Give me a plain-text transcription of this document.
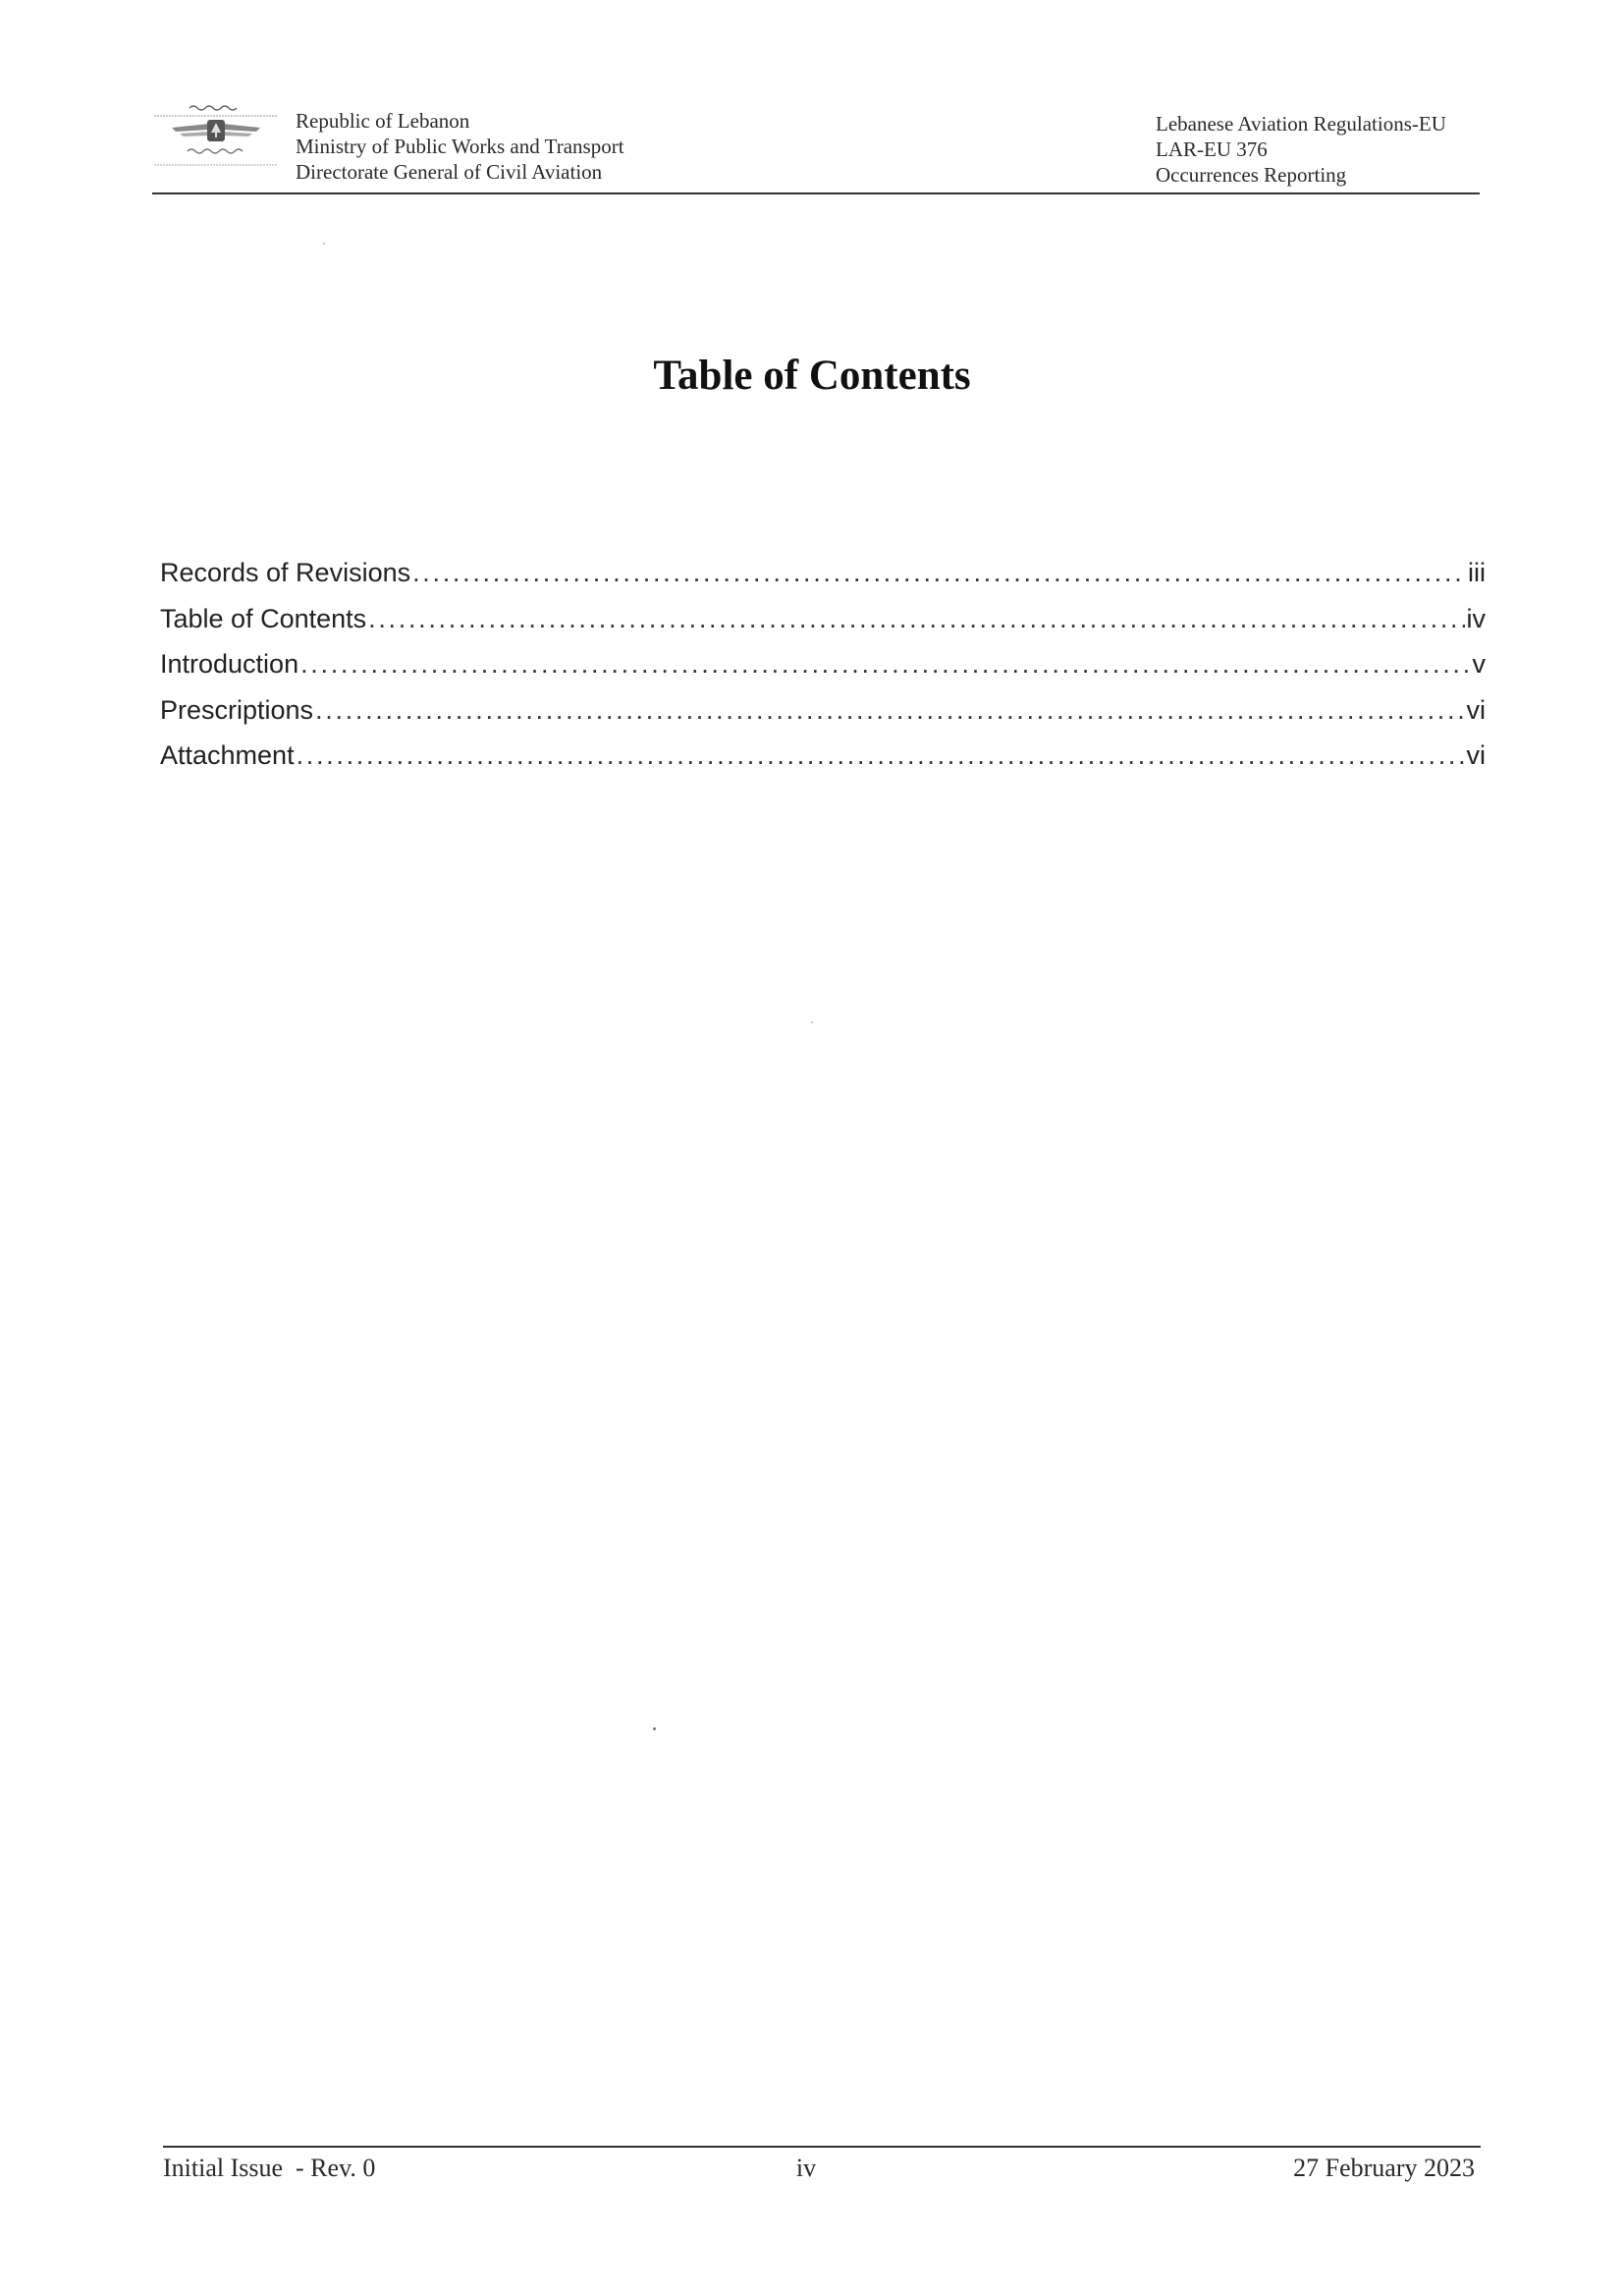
Republic of Lebanon
Ministry of Public Works and Transport
Directorate General of Civil Aviation
Lebanese Aviation Regulations-EU
LAR-EU 376
Occurrences Reporting
Table of Contents
Records of Revisions . . .	iii
Table of Contents . . .	iv
Introduction . . .	v
Prescriptions . . .	vi
Attachment . . .	vi
Initial Issue  - Rev. 0	iv	27 February 2023
